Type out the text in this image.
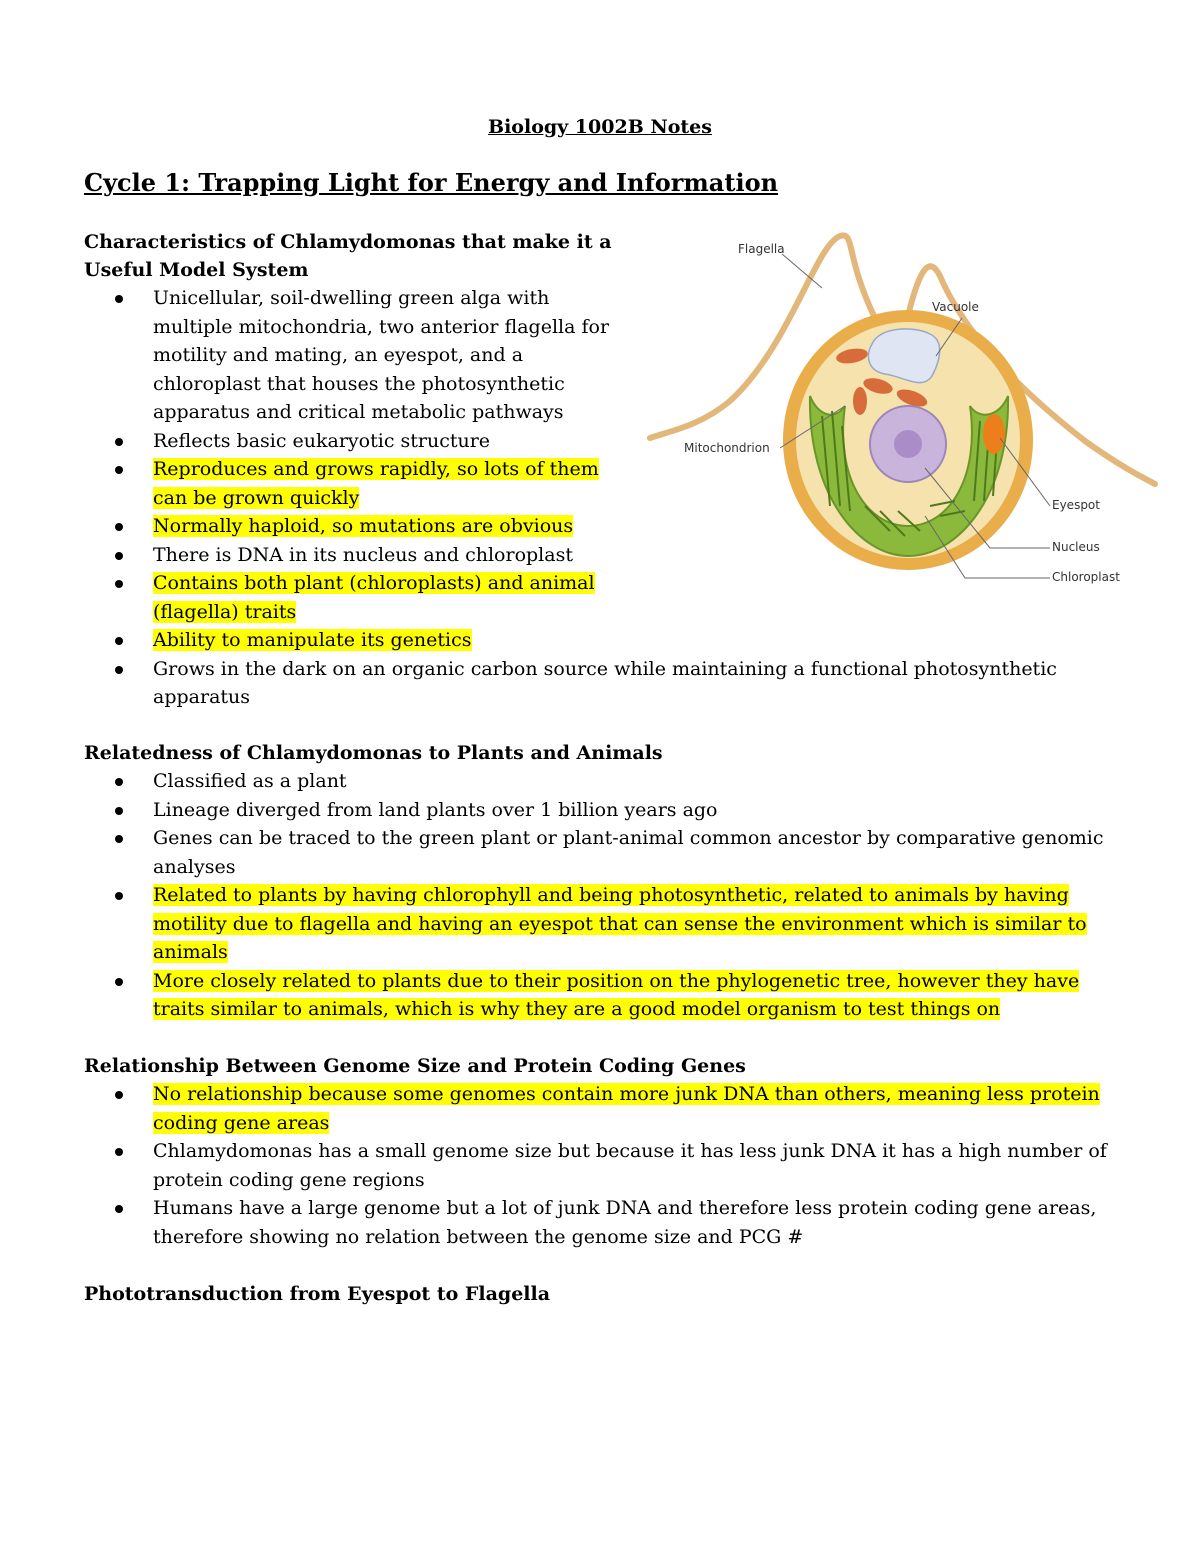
Biology 1002B Notes
Cycle 1: Trapping Light for Energy and Information

Characteristics of Chlamydomonas that make it a Useful Model System

Unicellular, soil-dwelling green alga with multiple mitochondria, two anterior flagella for motility and mating, an eyespot, and a chloroplast that houses the photosynthetic apparatus and critical metabolic pathways
Reflects basic eukaryotic structure
Reproduces and grows rapidly, so lots of them can be grown quickly
Normally haploid, so mutations are obvious
There is DNA in its nucleus and chloroplast
Contains both plant (chloroplasts) and animal (flagella) traits
Ability to manipulate its genetics
Grows in the dark on an organic carbon source while maintaining a functional photosynthetic apparatus
Flagella
Vacuole
Mitochondrion
Eyespot
Nucleus
Chloroplast

Relatedness of Chlamydomonas to Plants and Animals

Classified as a plant
Lineage diverged from land plants over 1 billion years ago
Genes can be traced to the green plant or plant-animal common ancestor by comparative genomic analyses
Related to plants by having chlorophyll and being photosynthetic, related to animals by having motility due to flagella and having an eyespot that can sense the environment which is similar to animals
More closely related to plants due to their position on the phylogenetic tree, however they have traits similar to animals, which is why they are a good model organism to test things on

Relationship Between Genome Size and Protein Coding Genes

No relationship because some genomes contain more junk DNA than others, meaning less protein coding gene areas
Chlamydomonas has a small genome size but because it has less junk DNA it has a high number of protein coding gene regions
Humans have a large genome but a lot of junk DNA and therefore less protein coding gene areas, therefore showing no relation between the genome size and PCG #

Phototransduction from Eyespot to Flagella
